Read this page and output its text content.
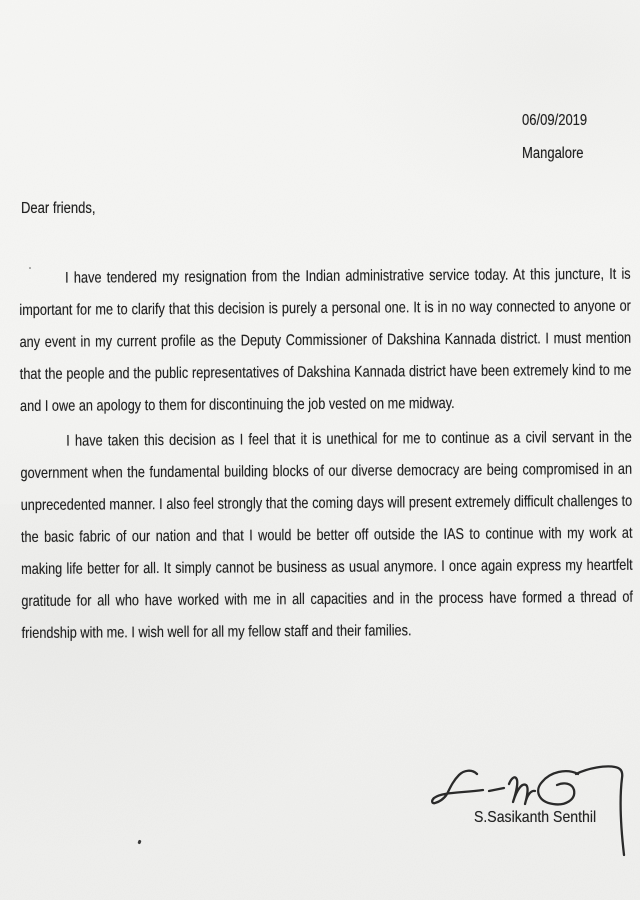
06/09/2019
Mangalore
Dear friends,

I have tendered my resignation from the Indian administrative service today. At this juncture, It is important for me to clarify that this decision is purely a personal one. It is in no way connected to anyone or any event in my current profile as the Deputy Commissioner of Dakshina Kannada district. I must mention that the people and the public representatives of Dakshina Kannada district have been extremely kind to me and I owe an apology to them for discontinuing the job vested on me midway.

I have taken this decision as I feel that it is unethical for me to continue as a civil servant in the government when the fundamental building blocks of our diverse democracy are being compromised in an unprecedented manner. I also feel strongly that the coming days will present extremely difficult challenges to the basic fabric of our nation and that I would be better off outside the IAS to continue with my work at making life better for all. It simply cannot be business as usual anymore. I once again express my heartfelt gratitude for all who have worked with me in all capacities and in the process have formed a thread of friendship with me. I wish well for all my fellow staff and their families.

S.Sasikanth Senthil
